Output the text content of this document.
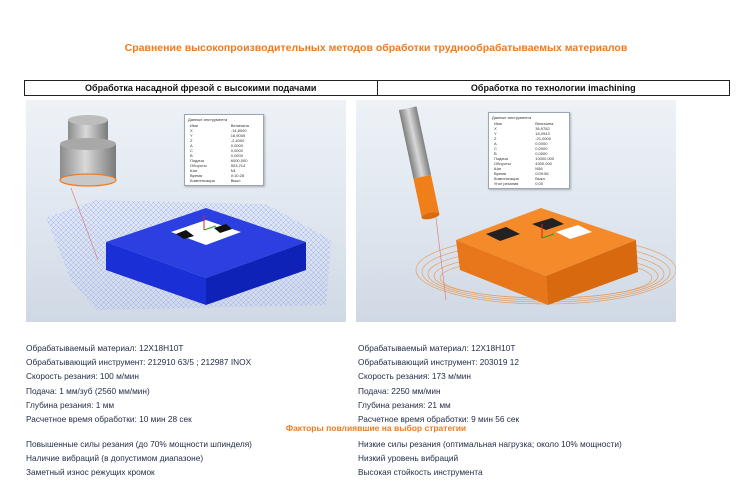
Сравнение высокопроизводительных методов обработки труднообрабатываемых материалов
Обработка насадной фрезой с высокими подачами	Обработка по технологии imachining
Данные инструмента
Имя	Величина
X	-14,8000
Y	16,9005
Z	-2,4000
A	0,0000
C	0,0000
B	0,0000
Подача	6000,000
Обороты	503,214
Шаг	N1
Время	0:10:28
Компенсация	Выкл
Данные инструмента
Имя	Величина
X	36,9782
Y	16,0943
Z	-21,0000
A	0,0000
C	0,0000
B	0,0000
Подача	10000,000
Обороты	4300,000
Шаг	N58
Время	0:09:56
Компенсация	Выкл
Угол резания	0,00
Обрабатываемый материал: 12Х18Н10Т
Обрабатывающий инструмент: 212910 63/5 ; 212987 INOX
Скорость резания: 100 м/мин
Подача: 1 мм/зуб (2560 мм/мин)
Глубина резания: 1 мм
Расчетное время обработки: 10 мин 28 сек
Обрабатываемый материал: 12Х18Н10Т
Обрабатывающий инструмент: 203019 12
Скорость резания: 173 м/мин
Подача: 2250 мм/мин
Глубина резания: 21 мм
Расчетное время обработки: 9 мин 56 сек
Факторы повлиявшие на выбор стратегии
Повышенные силы резания (до 70% мощности шпинделя)
Наличие вибраций (в допустимом диапазоне)
Заметный износ режущих кромок
Низкие силы резания (оптимальная нагрузка; около 10% мощности)
Низкий уровень вибраций
Высокая стойкость инструмента
